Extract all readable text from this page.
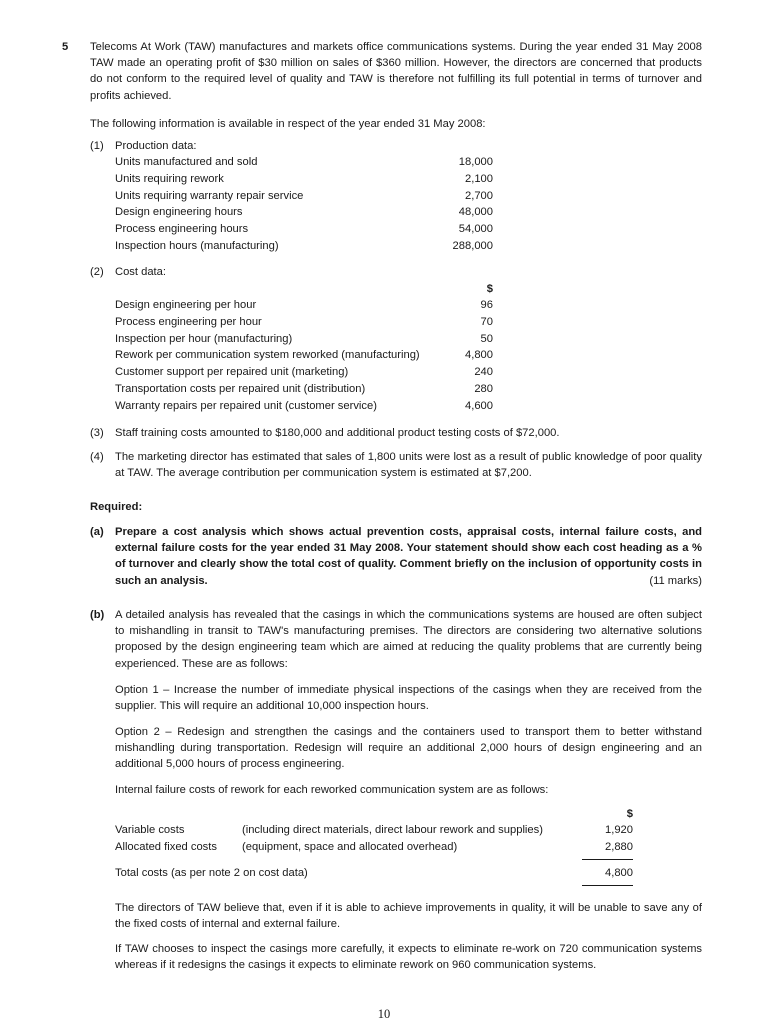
5 Telecoms At Work (TAW) manufactures and markets office communications systems. During the year ended 31 May 2008 TAW made an operating profit of $30 million on sales of $360 million. However, the directors are concerned that products do not conform to the required level of quality and TAW is therefore not fulfilling its full potential in terms of turnover and profits achieved.

The following information is available in respect of the year ended 31 May 2008:

(1) Production data:
Units manufactured and sold	18,000
Units requiring rework	2,100
Units requiring warranty repair service	2,700
Design engineering hours	48,000
Process engineering hours	54,000
Inspection hours (manufacturing)	288,000
(2) Cost data:
$
Design engineering per hour	96
Process engineering per hour	70
Inspection per hour (manufacturing)	50
Rework per communication system reworked (manufacturing)	4,800
Customer support per repaired unit (marketing)	240
Transportation costs per repaired unit (distribution)	280
Warranty repairs per repaired unit (customer service)	4,600
(3) Staff training costs amounted to $180,000 and additional product testing costs of $72,000.
(4) The marketing director has estimated that sales of 1,800 units were lost as a result of public knowledge of poor quality at TAW. The average contribution per communication system is estimated at $7,200.

Required:
(a) Prepare a cost analysis which shows actual prevention costs, appraisal costs, internal failure costs, and external failure costs for the year ended 31 May 2008. Your statement should show each cost heading as a % of turnover and clearly show the total cost of quality. Comment briefly on the inclusion of opportunity costs in such an analysis.	(11 marks)
(b) A detailed analysis has revealed that the casings in which the communications systems are housed are often subject to mishandling in transit to TAW's manufacturing premises. The directors are considering two alternative solutions proposed by the design engineering team which are aimed at reducing the quality problems that are currently being experienced. These are as follows:

Option 1 – Increase the number of immediate physical inspections of the casings when they are received from the supplier. This will require an additional 10,000 inspection hours.

Option 2 – Redesign and strengthen the casings and the containers used to transport them to better withstand mishandling during transportation. Redesign will require an additional 2,000 hours of design engineering and an additional 5,000 hours of process engineering.

Internal failure costs of rework for each reworked communication system are as follows:
$
Variable costs	(including direct materials, direct labour rework and supplies)	1,920
Allocated fixed costs	(equipment, space and allocated overhead)	2,880
Total costs (as per note 2 on cost data)	4,800

The directors of TAW believe that, even if it is able to achieve improvements in quality, it will be unable to save any of the fixed costs of internal and external failure.

If TAW chooses to inspect the casings more carefully, it expects to eliminate re-work on 720 communication systems whereas if it redesigns the casings it expects to eliminate rework on 960 communication systems.

10
